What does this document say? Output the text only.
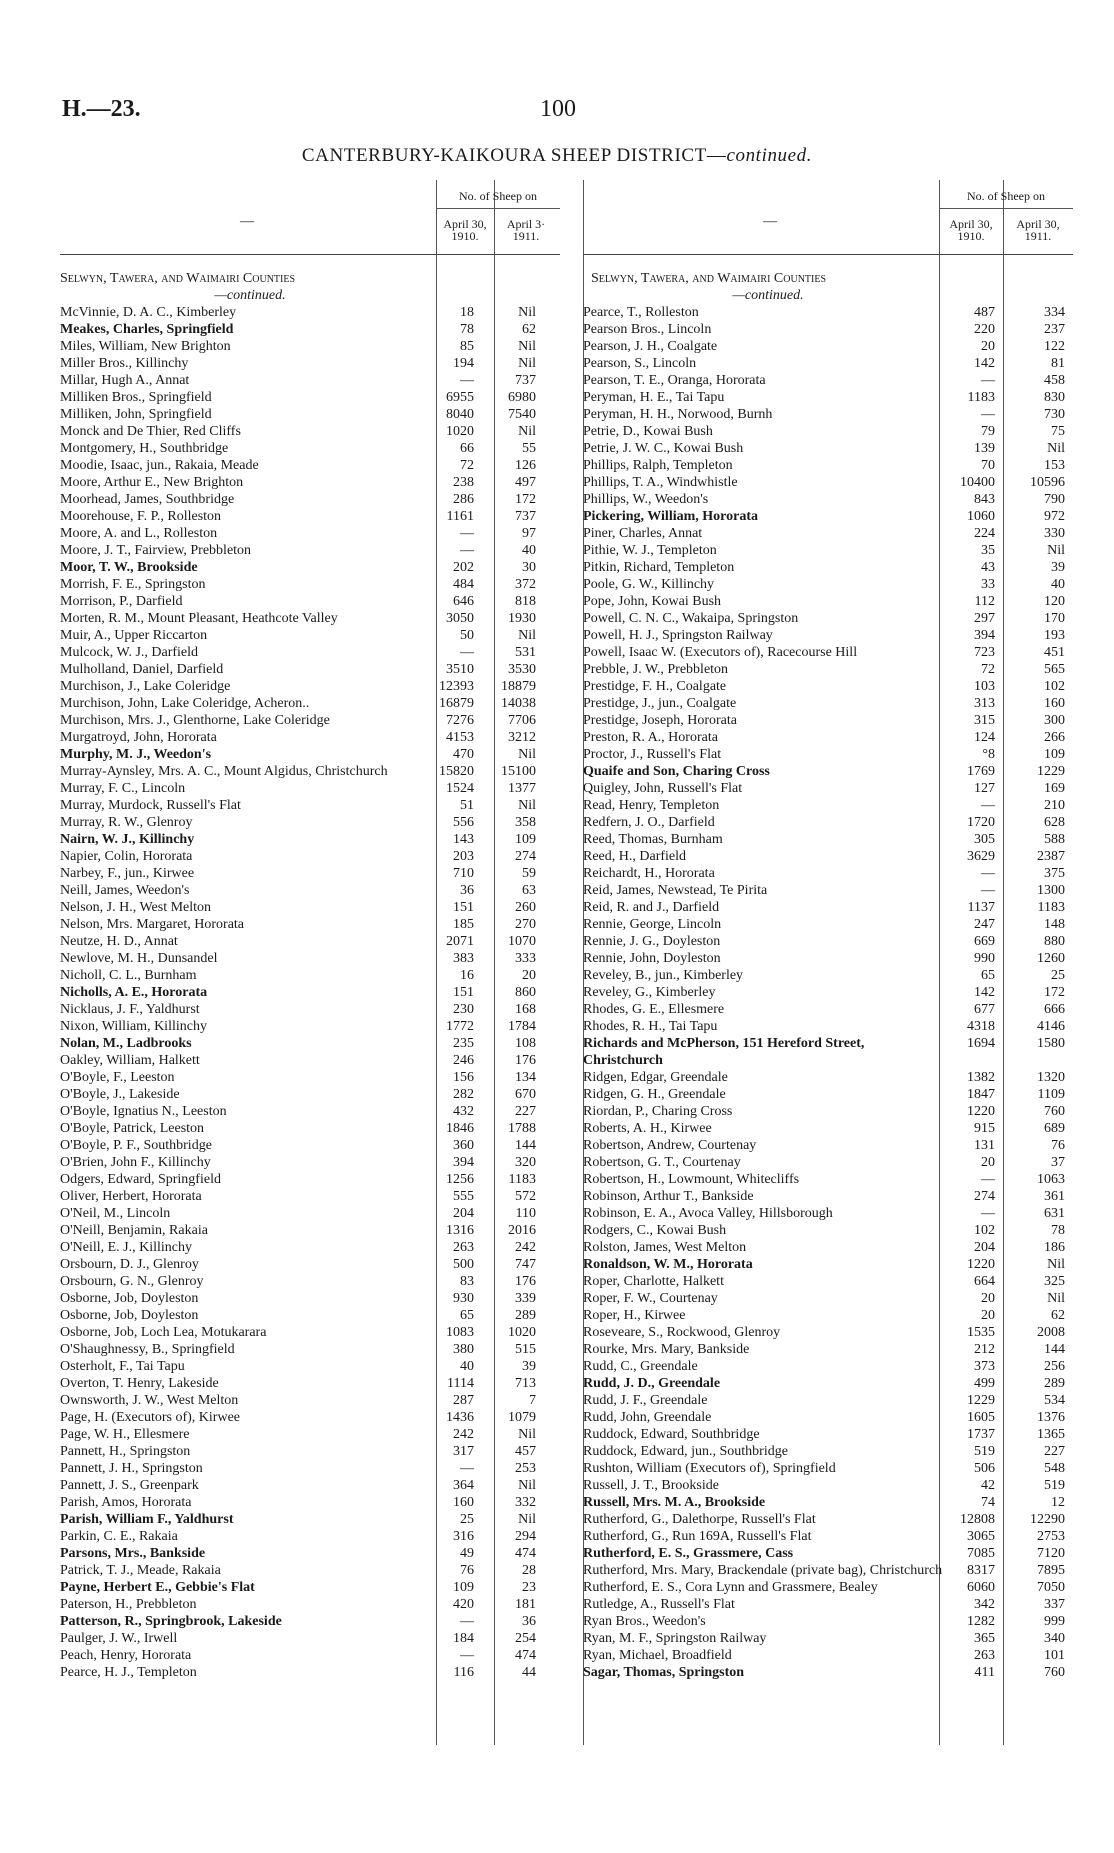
H.—23.	100
CANTERBURY-KAIKOURA SHEEP DISTRICT—continued.
—
No. of Sheep on
April 30,
1910.
April 3·
1911.
Selwyn, Tawera, and Waimairi Counties
—continued.
McVinnie, D. A. C., Kimberley	18	Nil
Meakes, Charles, Springfield	78	62
Miles, William, New Brighton	85	Nil
Miller Bros., Killinchy	194	Nil
Millar, Hugh A., Annat	—	737
Milliken Bros., Springfield	6955 6980
Milliken, John, Springfield	8040 7540
Monck and De Thier, Red Cliffs	1020	Nil
Montgomery, H., Southbridge	66	55
Moodie, Isaac, jun., Rakaia, Meade	72	126
Moore, Arthur E., New Brighton	238	497
Moorhead, James, Southbridge	286	172
Moorehouse, F. P., Rolleston	1161	737
Moore, A. and L., Rolleston	—	97
Moore, J. T., Fairview, Prebbleton	—	40
Moor, T. W., Brookside	202	30
Morrish, F. E., Springston	484	372
Morrison, P., Darfield	646	818
Morten, R. M., Mount Pleasant, Heathcote Valley	3050 1930
Muir, A., Upper Riccarton	50	Nil
Mulcock, W. J., Darfield	—	531
Mulholland, Daniel, Darfield	3510 3530
Murchison, J., Lake Coleridge	12393 18879
Murchison, John, Lake Coleridge, Acheron..	16879 14038
Murchison, Mrs. J., Glenthorne, Lake Coleridge	7276 7706
Murgatroyd, John, Hororata	4153 3212
Murphy, M. J., Weedon's	470	Nil
Murray-Aynsley, Mrs. A. C., Mount Algidus, Christchurch	15820 15100
Murray, F. C., Lincoln	1524 1377
Murray, Murdock, Russell's Flat	51	Nil
Murray, R. W., Glenroy	556	358
Nairn, W. J., Killinchy	143	109
Napier, Colin, Hororata	203	274
Narbey, F., jun., Kirwee	710	59
Neill, James, Weedon's	36	63
Nelson, J. H., West Melton	151	260
Nelson, Mrs. Margaret, Hororata	185	270
Neutze, H. D., Annat	2071 1070
Newlove, M. H., Dunsandel	383	333
Nicholl, C. L., Burnham	16	20
Nicholls, A. E., Hororata	151	860
Nicklaus, J. F., Yaldhurst	230	168
Nixon, William, Killinchy	1772 1784
Nolan, M., Ladbrooks	235	108
Oakley, William, Halkett	246	176
O'Boyle, F., Leeston	156	134
O'Boyle, J., Lakeside	282	670
O'Boyle, Ignatius N., Leeston	432	227
O'Boyle, Patrick, Leeston	1846 1788
O'Boyle, P. F., Southbridge	360	144
O'Brien, John F., Killinchy	394	320
Odgers, Edward, Springfield	1256 1183
Oliver, Herbert, Hororata	555	572
O'Neil, M., Lincoln	204	110
O'Neill, Benjamin, Rakaia	1316 2016
O'Neill, E. J., Killinchy	263	242
Orsbourn, D. J., Glenroy	500	747
Orsbourn, G. N., Glenroy	83	176
Osborne, Job, Doyleston	930	339
Osborne, Job, Doyleston	65	289
Osborne, Job, Loch Lea, Motukarara	1083 1020
O'Shaughnessy, B., Springfield	380	515
Osterholt, F., Tai Tapu	40	39
Overton, T. Henry, Lakeside	1114	713
Ownsworth, J. W., West Melton	287	7
Page, H. (Executors of), Kirwee	1436 1079
Page, W. H., Ellesmere	242	Nil
Pannett, H., Springston	317	457
Pannett, J. H., Springston	—	253
Pannett, J. S., Greenpark	364	Nil
Parish, Amos, Hororata	160	332
Parish, William F., Yaldhurst	25	Nil
Parkin, C. E., Rakaia	316	294
Parsons, Mrs., Bankside	49	474
Patrick, T. J., Meade, Rakaia	76	28
Payne, Herbert E., Gebbie's Flat	109	23
Paterson, H., Prebbleton	420	181
Patterson, R., Springbrook, Lakeside	—	36
Paulger, J. W., Irwell	184	254
Peach, Henry, Hororata	—	474
Pearce, H. J., Templeton	116	44
—
No. of Sheep on
April 30,
1910.
April 30,
1911.
Selwyn, Tawera, and Waimairi Counties
—continued.
Pearce, T., Rolleston	487	334
Pearson Bros., Lincoln	220	237
Pearson, J. H., Coalgate	20	122
Pearson, S., Lincoln	142	81
Pearson, T. E., Oranga, Hororata	—	458
Peryman, H. E., Tai Tapu	1183	830
Peryman, H. H., Norwood, Burnh	—	730
Petrie, D., Kowai Bush	79	75
Petrie, J. W. C., Kowai Bush	139	Nil
Phillips, Ralph, Templeton	70	153
Phillips, T. A., Windwhistle	10400	10596
Phillips, W., Weedon's	843	790
Pickering, William, Hororata	1060	972
Piner, Charles, Annat	224	330
Pithie, W. J., Templeton	35	Nil
Pitkin, Richard, Templeton	43	39
Poole, G. W., Killinchy	33	40
Pope, John, Kowai Bush	112	120
Powell, C. N. C., Wakaipa, Springston	297	170
Powell, H. J., Springston Railway	394	193
Powell, Isaac W. (Executors of), Racecourse Hill	723	451
Prebble, J. W., Prebbleton	72	565
Prestidge, F. H., Coalgate	103	102
Prestidge, J., jun., Coalgate	313	160
Prestidge, Joseph, Hororata	315	300
Preston, R. A., Hororata	124	266
Proctor, J., Russell's Flat	°8	109
Quaife and Son, Charing Cross	1769	1229
Quigley, John, Russell's Flat	127	169
Read, Henry, Templeton	—	210
Redfern, J. O., Darfield	1720	628
Reed, Thomas, Burnham	305	588
Reed, H., Darfield	3629	2387
Reichardt, H., Hororata	—	375
Reid, James, Newstead, Te Pirita	—	1300
Reid, R. and J., Darfield	1137	1183
Rennie, George, Lincoln	247	148
Rennie, J. G., Doyleston	669	880
Rennie, John, Doyleston	990	1260
Reveley, B., jun., Kimberley	65	25
Reveley, G., Kimberley	142	172
Rhodes, G. E., Ellesmere	677	666
Rhodes, R. H., Tai Tapu	4318	4146
Richards and McPherson, 151 Hereford Street, Christchurch
1694	1580
Ridgen, Edgar, Greendale	1382	1320
Ridgen, G. H., Greendale	1847	1109
Riordan, P., Charing Cross	1220	760
Roberts, A. H., Kirwee	915	689
Robertson, Andrew, Courtenay	131	76
Robertson, G. T., Courtenay	20	37
Robertson, H., Lowmount, Whitecliffs	—	1063
Robinson, Arthur T., Bankside	274	361
Robinson, E. A., Avoca Valley, Hillsborough	—	631
Rodgers, C., Kowai Bush	102	78
Rolston, James, West Melton	204	186
Ronaldson, W. M., Hororata	1220	Nil
Roper, Charlotte, Halkett	664	325
Roper, F. W., Courtenay	20	Nil
Roper, H., Kirwee	20	62
Roseveare, S., Rockwood, Glenroy	1535	2008
Rourke, Mrs. Mary, Bankside	212	144
Rudd, C., Greendale	373	256
Rudd, J. D., Greendale	499	289
Rudd, J. F., Greendale	1229	534
Rudd, John, Greendale	1605	1376
Ruddock, Edward, Southbridge	1737	1365
Ruddock, Edward, jun., Southbridge	519	227
Rushton, William (Executors of), Springfield	506	548
Russell, J. T., Brookside	42	519
Russell, Mrs. M. A., Brookside	74	12
Rutherford, G., Dalethorpe, Russell's Flat	12808	12290
Rutherford, G., Run 169A, Russell's Flat	3065	2753
Rutherford, E. S., Grassmere, Cass	7085	7120
Rutherford, Mrs. Mary, Brackendale (private bag), Christchurch	8317	7895
Rutherford, E. S., Cora Lynn and Grassmere, Bealey	6060	7050
Rutledge, A., Russell's Flat	342	337
Ryan Bros., Weedon's	1282	999
Ryan, M. F., Springston Railway	365	340
Ryan, Michael, Broadfield	263	101
Sagar, Thomas, Springston	411	760
